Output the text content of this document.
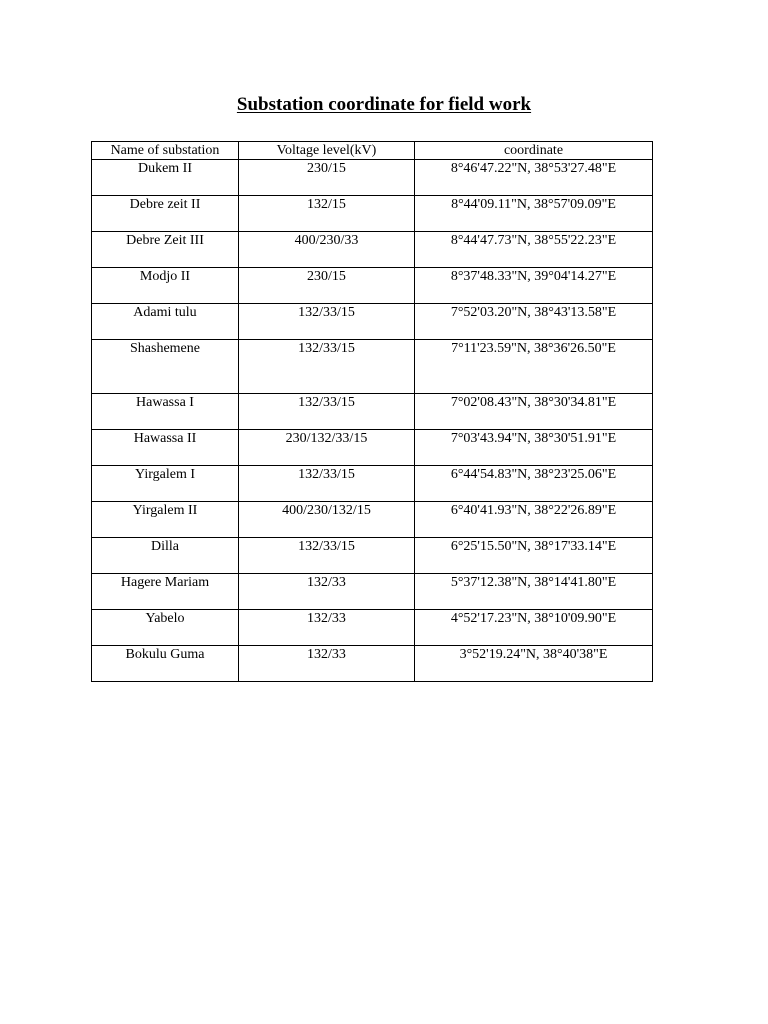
Substation coordinate for field work
Name of substation	Voltage level(kV)	coordinate
Dukem II	230/15	8°46'47.22"N, 38°53'27.48"E
Debre zeit II	132/15	8°44'09.11"N, 38°57'09.09"E
Debre Zeit III	400/230/33	8°44'47.73"N, 38°55'22.23"E
Modjo II	230/15	8°37'48.33"N, 39°04'14.27"E
Adami tulu	132/33/15	7°52'03.20"N, 38°43'13.58"E
Shashemene	132/33/15	7°11'23.59"N, 38°36'26.50"E
Hawassa I	132/33/15	7°02'08.43"N, 38°30'34.81"E
Hawassa II	230/132/33/15	7°03'43.94"N, 38°30'51.91"E
Yirgalem I	132/33/15	6°44'54.83"N, 38°23'25.06"E
Yirgalem II	400/230/132/15	6°40'41.93"N, 38°22'26.89"E
Dilla	132/33/15	6°25'15.50"N, 38°17'33.14"E
Hagere Mariam	132/33	5°37'12.38"N, 38°14'41.80"E
Yabelo	132/33	4°52'17.23"N, 38°10'09.90"E
Bokulu Guma	132/33	3°52'19.24"N, 38°40'38"E
